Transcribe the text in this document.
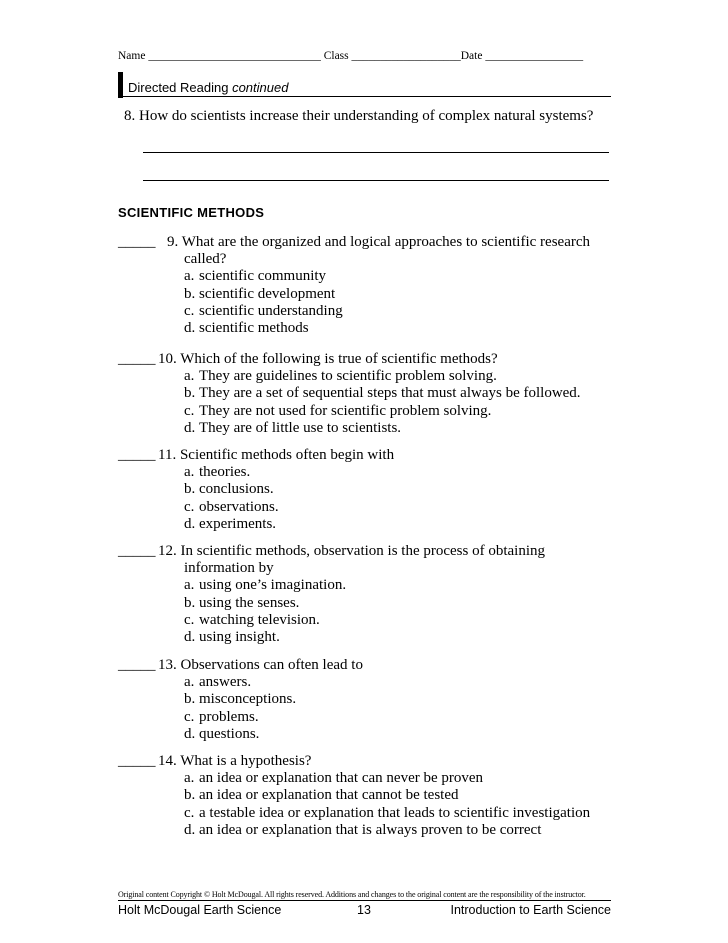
Name ______________________________ Class ___________________Date _________________
Directed Reading continued
8. How do scientists increase their understanding of complex natural systems?
SCIENTIFIC METHODS
_____ 9. What are the organized and logical approaches to scientific research
called?
a. scientific community
b. scientific development
c. scientific understanding
d. scientific methods
_____ 10. Which of the following is true of scientific methods?
a. They are guidelines to scientific problem solving.
b. They are a set of sequential steps that must always be followed.
c. They are not used for scientific problem solving.
d. They are of little use to scientists.
_____ 11. Scientific methods often begin with
a. theories.
b. conclusions.
c. observations.
d. experiments.
_____ 12. In scientific methods, observation is the process of obtaining
information by
a. using one’s imagination.
b. using the senses.
c. watching television.
d. using insight.
_____ 13. Observations can often lead to
a. answers.
b. misconceptions.
c. problems.
d. questions.
_____ 14. What is a hypothesis?
a. an idea or explanation that can never be proven
b. an idea or explanation that cannot be tested
c. a testable idea or explanation that leads to scientific investigation
d. an idea or explanation that is always proven to be correct
Original content Copyright © Holt McDougal. All rights reserved. Additions and changes to the original content are the responsibility of the instructor.
Holt McDougal Earth Science	13	Introduction to Earth Science
